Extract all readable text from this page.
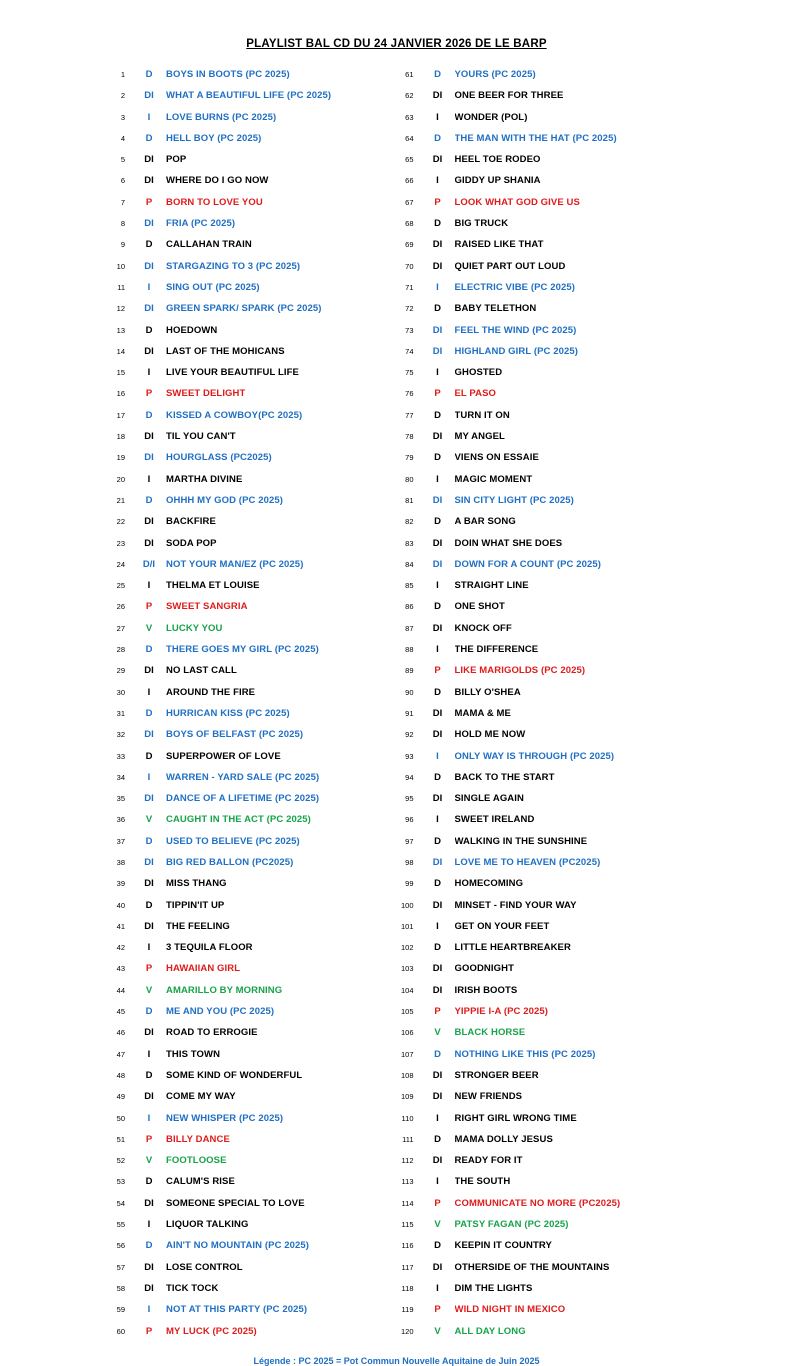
PLAYLIST BAL CD DU 24 JANVIER 2026 DE LE BARP
1	D	BOYS IN BOOTS (PC 2025)
2	DI	WHAT A BEAUTIFUL LIFE (PC 2025)
3	I	LOVE BURNS (PC 2025)
4	D	HELL BOY (PC 2025)
5	DI	POP
6	DI	WHERE DO I GO NOW
7	P	BORN TO LOVE YOU
8	DI	FRIA (PC 2025)
9	D	CALLAHAN TRAIN
10	DI	STARGAZING TO 3 (PC 2025)
11	I	SING OUT (PC 2025)
12	DI	GREEN SPARK/ SPARK (PC 2025)
13	D	HOEDOWN
14	DI	LAST OF THE MOHICANS
15	I	LIVE YOUR BEAUTIFUL LIFE
16	P	SWEET DELIGHT
17	D	KISSED A COWBOY(PC 2025)
18	DI	TIL YOU CAN'T
19	DI	HOURGLASS (PC2025)
20	I	MARTHA DIVINE
21	D	OHHH MY GOD (PC 2025)
22	DI	BACKFIRE
23	DI	SODA POP
24	D/I	NOT YOUR MAN/EZ (PC 2025)
25	I	THELMA ET LOUISE
26	P	SWEET SANGRIA
27	V	LUCKY YOU
28	D	THERE GOES MY GIRL (PC 2025)
29	DI	NO LAST CALL
30	I	AROUND THE FIRE
31	D	HURRICAN KISS (PC 2025)
32	DI	BOYS OF BELFAST (PC 2025)
33	D	SUPERPOWER OF LOVE
34	I	WARREN - YARD SALE (PC 2025)
35	DI	DANCE OF A LIFETIME (PC 2025)
36	V	CAUGHT IN THE ACT (PC 2025)
37	D	USED TO BELIEVE (PC 2025)
38	DI	BIG RED BALLON (PC2025)
39	DI	MISS THANG
40	D	TIPPIN'IT UP
41	DI	THE FEELING
42	I	3 TEQUILA FLOOR
43	P	HAWAIIAN GIRL
44	V	AMARILLO BY MORNING
45	D	ME AND YOU (PC 2025)
46	DI	ROAD TO ERROGIE
47	I	THIS TOWN
48	D	SOME KIND OF WONDERFUL
49	DI	COME MY WAY
50	I	NEW WHISPER (PC 2025)
51	P	BILLY DANCE
52	V	FOOTLOOSE
53	D	CALUM'S RISE
54	DI	SOMEONE SPECIAL TO LOVE
55	I	LIQUOR TALKING
56	D	AIN'T NO MOUNTAIN (PC 2025)
57	DI	LOSE CONTROL
58	DI	TICK TOCK
59	I	NOT AT THIS PARTY (PC 2025)
60	P	MY LUCK (PC 2025)
61	D	YOURS (PC 2025)
62	DI	ONE BEER FOR THREE
63	I	WONDER (POL)
64	D	THE MAN WITH THE HAT (PC 2025)
65	DI	HEEL TOE RODEO
66	I	GIDDY UP SHANIA
67	P	LOOK WHAT GOD GIVE US
68	D	BIG TRUCK
69	DI	RAISED LIKE THAT
70	DI	QUIET PART OUT LOUD
71	I	ELECTRIC VIBE (PC 2025)
72	D	BABY TELETHON
73	DI	FEEL THE WIND (PC 2025)
74	DI	HIGHLAND GIRL (PC 2025)
75	I	GHOSTED
76	P	EL PASO
77	D	TURN IT ON
78	DI	MY ANGEL
79	D	VIENS ON ESSAIE
80	I	MAGIC MOMENT
81	DI	SIN CITY LIGHT (PC 2025)
82	D	A BAR SONG
83	DI	DOIN WHAT SHE DOES
84	DI	DOWN FOR A COUNT (PC 2025)
85	I	STRAIGHT LINE
86	D	ONE SHOT
87	DI	KNOCK OFF
88	I	THE DIFFERENCE
89	P	LIKE MARIGOLDS (PC 2025)
90	D	BILLY O'SHEA
91	DI	MAMA & ME
92	DI	HOLD ME NOW
93	I	ONLY WAY IS THROUGH (PC 2025)
94	D	BACK TO THE START
95	DI	SINGLE AGAIN
96	I	SWEET IRELAND
97	D	WALKING IN THE SUNSHINE
98	DI	LOVE ME TO HEAVEN (PC2025)
99	D	HOMECOMING
100	DI	MINSET - FIND YOUR WAY
101	I	GET ON YOUR FEET
102	D	LITTLE HEARTBREAKER
103	DI	GOODNIGHT
104	DI	IRISH BOOTS
105	P	YIPPIE I-A (PC 2025)
106	V	BLACK HORSE
107	D	NOTHING LIKE THIS (PC 2025)
108	DI	STRONGER BEER
109	DI	NEW FRIENDS
110	I	RIGHT GIRL WRONG TIME
111	D	MAMA DOLLY JESUS
112	DI	READY FOR IT
113	I	THE SOUTH
114	P	COMMUNICATE NO MORE (PC2025)
115	V	PATSY FAGAN (PC 2025)
116	D	KEEPIN IT COUNTRY
117	DI	OTHERSIDE OF THE MOUNTAINS
118	I	DIM THE LIGHTS
119	P	WILD NIGHT IN MEXICO
120	V	ALL DAY LONG
Légende : PC 2025 = Pot Commun Nouvelle Aquitaine de Juin 2025
